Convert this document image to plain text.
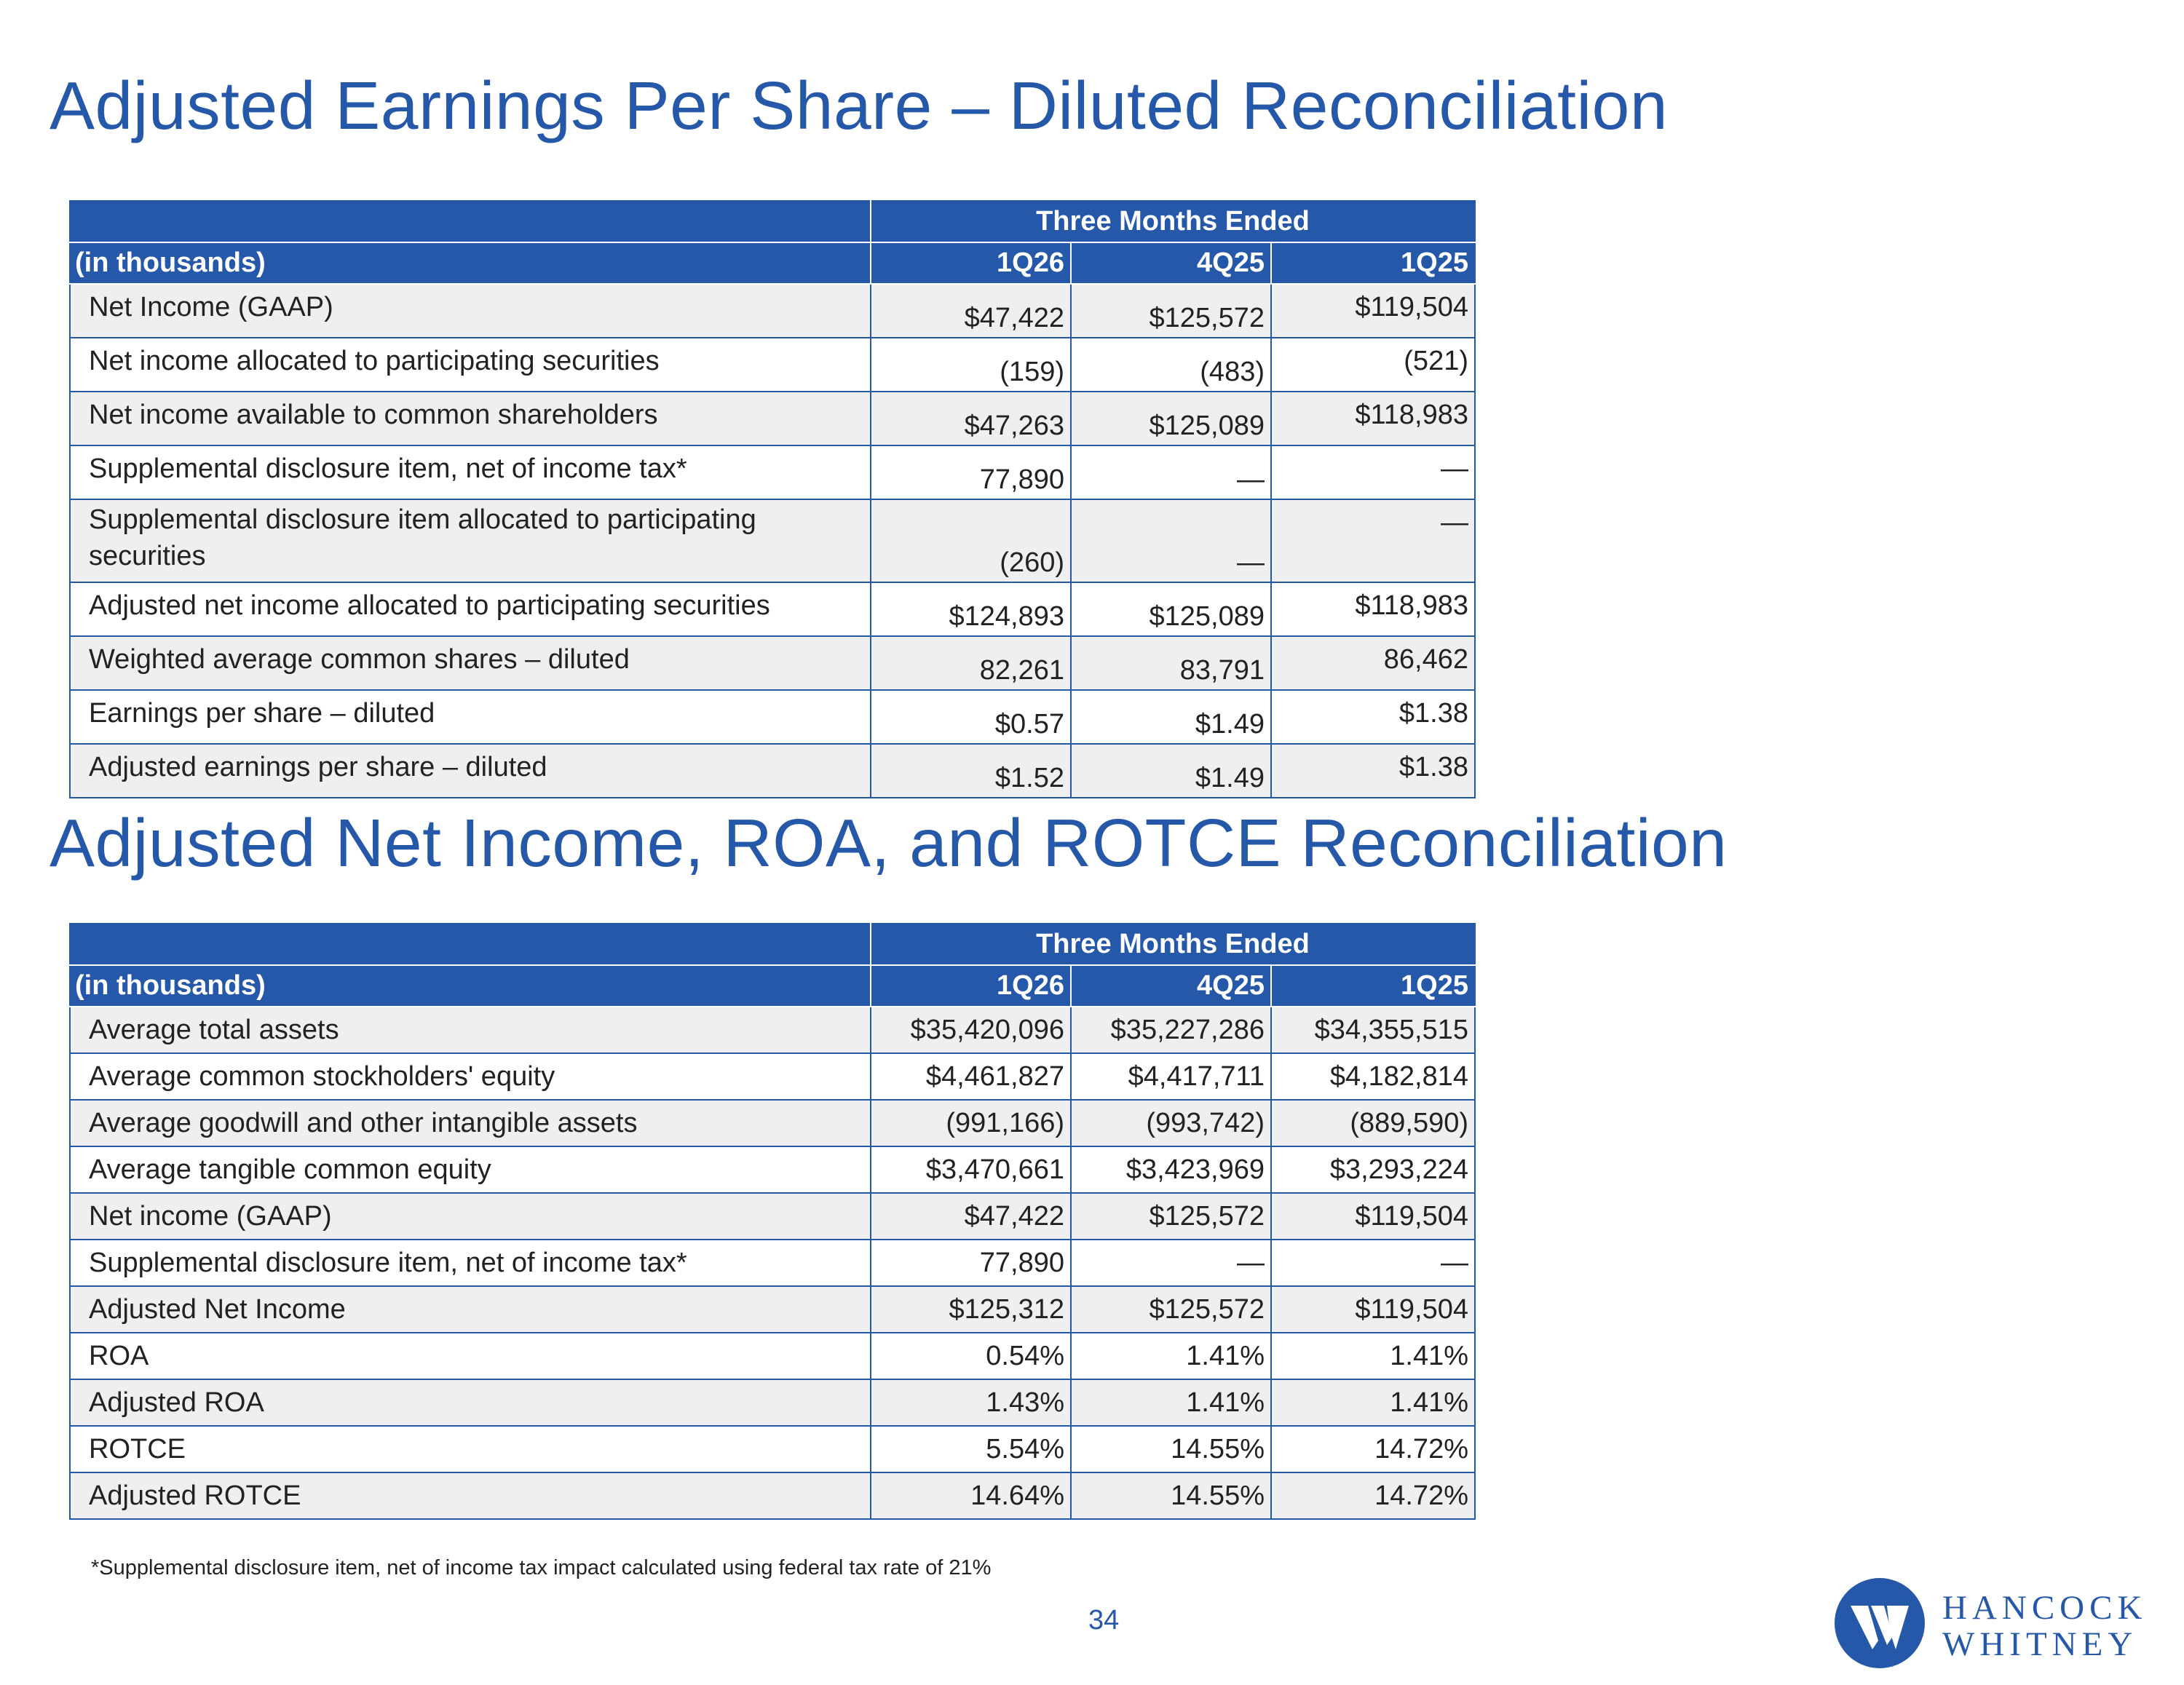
Adjusted Earnings Per Share – Diluted Reconciliation
	Three Months Ended		
(in thousands)	1Q26	4Q25	1Q25
Net Income (GAAP)	$47,422	$125,572	$119,504
Net income allocated to participating securities	(159)	(483)	(521)
Net income available to common shareholders	$47,263	$125,089	$118,983
Supplemental disclosure item, net of income tax*	77,890	—	—
Supplemental disclosure item allocated to participating securities	(260)	—	—
Adjusted net income allocated to participating securities	$124,893	$125,089	$118,983
Weighted average common shares – diluted	82,261	83,791	86,462
Earnings per share – diluted	$0.57	$1.49	$1.38
Adjusted earnings per share – diluted	$1.52	$1.49	$1.38
Adjusted Net Income, ROA, and ROTCE Reconciliation
	Three Months Ended		
(in thousands)	1Q26	4Q25	1Q25
Average total assets	$35,420,096	$35,227,286	$34,355,515
Average common stockholders' equity	$4,461,827	$4,417,711	$4,182,814
Average goodwill and other intangible assets	(991,166)	(993,742)	(889,590)
Average tangible common equity	$3,470,661	$3,423,969	$3,293,224
Net income (GAAP)	$47,422	$125,572	$119,504
Supplemental disclosure item, net of income tax*	77,890	—	—
Adjusted Net Income	$125,312	$125,572	$119,504
ROA	0.54%	1.41%	1.41%
Adjusted ROA	1.43%	1.41%	1.41%
ROTCE	5.54%	14.55%	14.72%
Adjusted ROTCE	14.64%	14.55%	14.72%
*Supplemental disclosure item, net of income tax impact calculated using federal tax rate of 21%
34	HANCOCK
WHITNEY
